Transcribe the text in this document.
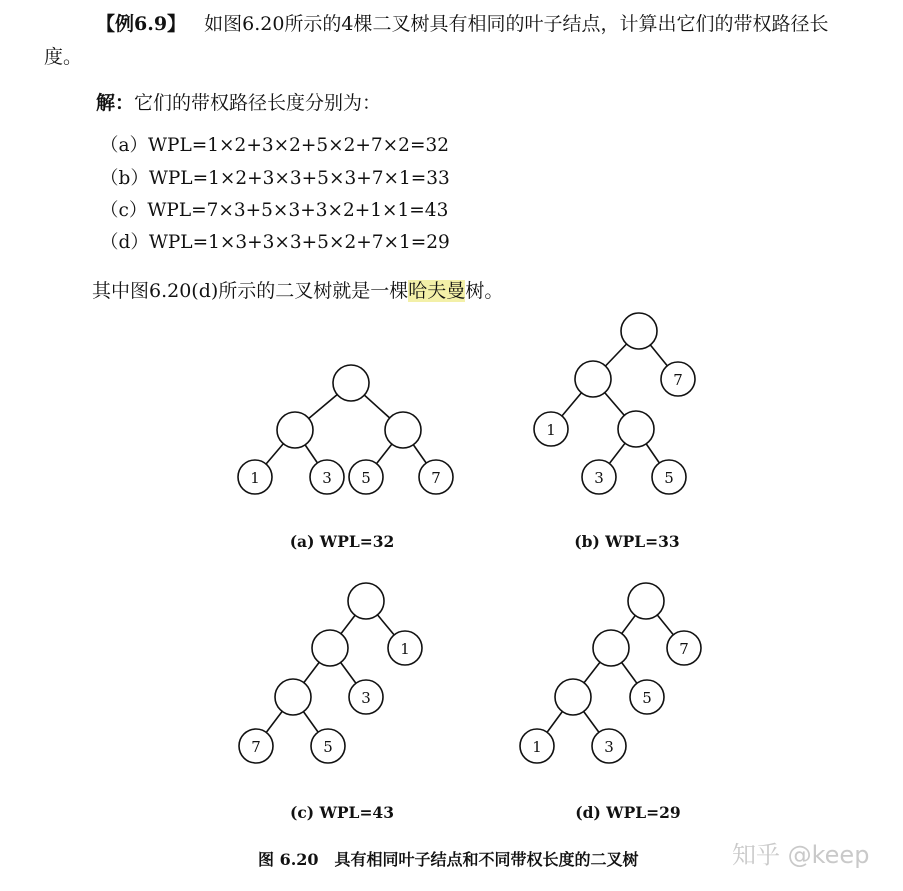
【例6.9】 如图6.20所示的4棵二叉树具有相同的叶子结点，计算出它们的带权路径长
度。
解：它们的带权路径长度分别为：
（a）WPL=1×2+3×2+5×2+7×2=32
（b）WPL=1×2+3×3+5×3+7×1=33
（c）WPL=7×3+5×3+3×2+1×1=43
（d）WPL=1×3+3×3+5×2+7×1=29
其中图6.20(d)所示的二叉树就是一棵哈夫曼树。
1	3 5	7
(a) WPL=32
7
1
3	5
(b) WPL=33
1
3
7	5
(c) WPL=43
7
5
1	3
(d) WPL=29
图 6.20　具有相同叶子结点和不同带权长度的二叉树	知乎 @keep
